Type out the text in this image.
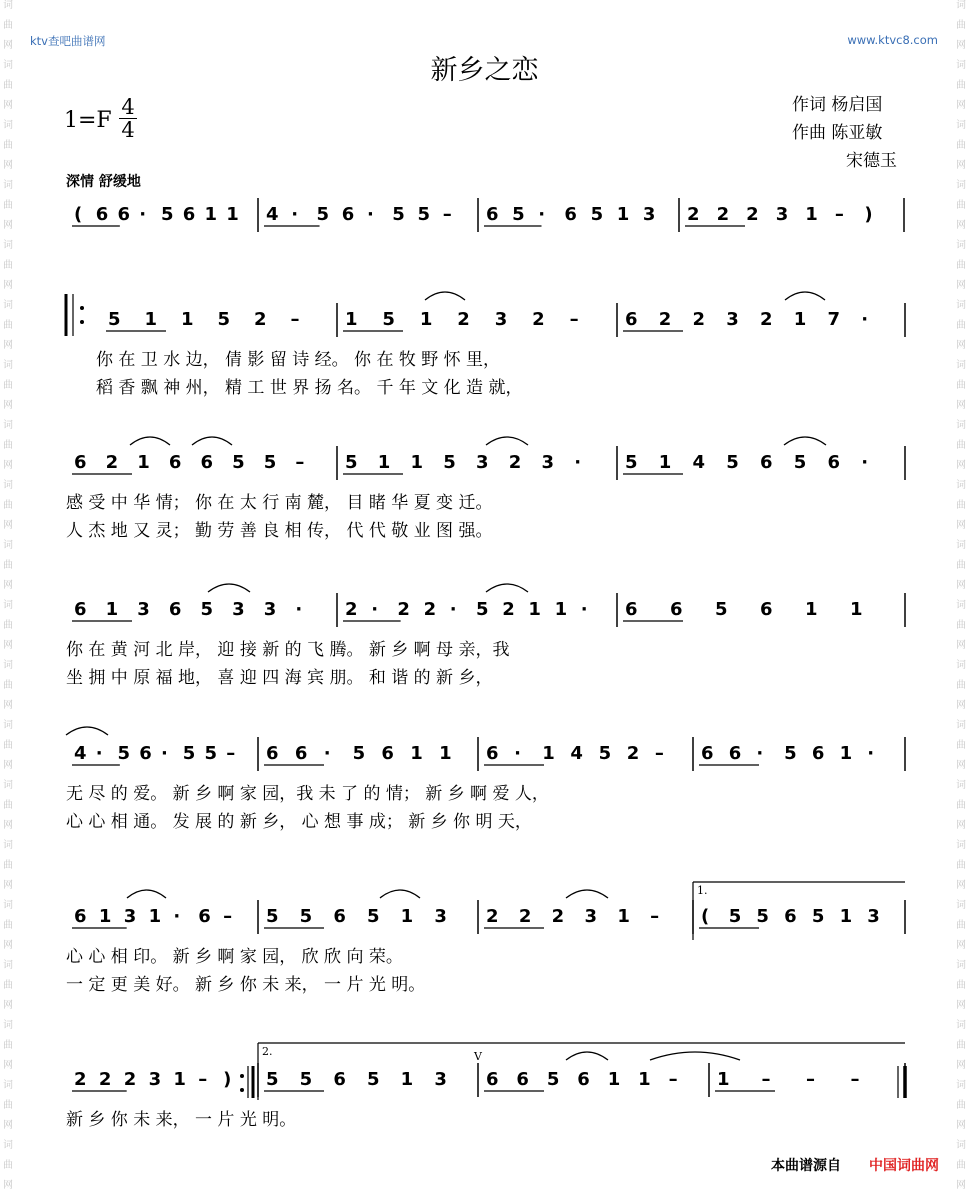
词
曲
网
词
曲
网
词
曲
网
词
曲
网
词
曲
网
词
曲
网
词
曲
网
词
曲
网
词
曲
网
词
曲
网
词
曲
网
词
曲
网
词
曲
网
词
曲
网
词
曲
网
词
曲
网
词
曲
网
词
曲
网
词
曲
网
词
曲
网
词
曲
网
词
曲
网
词
曲
网
词
曲
网
词
曲
网
词
曲
网
词
曲
网
词
曲
网
词
曲
网
词
曲
网
词
曲
网
词
曲
网
词
曲
网
词
曲
网
词
曲
网
词
曲
网
词
曲
网
词
曲
网
词
曲
网
词
曲
网
ktv查吧曲谱网	www.ktvc8.com
新乡之恋
1=F
4
4
作词 杨启国
作曲 陈亚敏
宋德玉
深情 舒缓地
( 6 6 · 5 6 1 1 4 · 5 6 · 5 5 – 6 5 · 6 5 1 3 2 2 2 3 1 – )
5 1 1 5 2 –	1 5 1 2 3 2 –	6 2 2 3 2 1 7 ·
你 在 卫 水 边， 倩 影 留 诗 经。 你 在 牧 野 怀 里，
稻 香 飘 神 州， 精 工 世 界 扬 名。 千 年 文 化 造 就，
6 2 1 6 6 5 5 – 5 1 1 5 3 2 3 · 5 1 4 5 6 5 6 ·
感 受 中 华 情； 你 在 太 行 南 麓， 目 睹 华 夏 变 迁。
人 杰 地 又 灵； 勤 劳 善 良 相 传， 代 代 敬 业 图 强。
6 1 3 6 5 3 3 · 2 · 2 2 · 5 2 1 1 · 6 6 5 6 1 1
你 在 黄 河 北 岸， 迎 接 新 的 飞 腾。 新 乡 啊 母 亲，我
坐 拥 中 原 福 地， 喜 迎 四 海 宾 朋。 和 谐 的 新 乡，
4 · 5 6 · 5 5 – 6 6 · 5 6 1 1 6 · 1 4 5 2 – 6 6 · 5 6 1 ·
无 尽 的 爱。 新 乡 啊 家 园，我 未 了 的 情； 新 乡 啊 爱 人，
心 心 相 通。 发 展 的 新 乡， 心 想 事 成； 新 乡 你 明 天，
6 1 3 1 · 6 – 5 5 6 5 1 3 2 2 2 3 1 – ( 5 5 6 5 1 3
心 心 相 印。 新 乡 啊 家 园， 欣 欣 向 荣。
一 定 更 美 好。 新 乡 你 未 来， 一 片 光 明。
2 2 2 3 1 – ) 5 5 6 5 1 3 6 6 5 6 1 1 – 1 – – –
新 乡 你 未 来， 一 片 光 明。
1.
2.	V
本曲谱源自 中国词曲网
